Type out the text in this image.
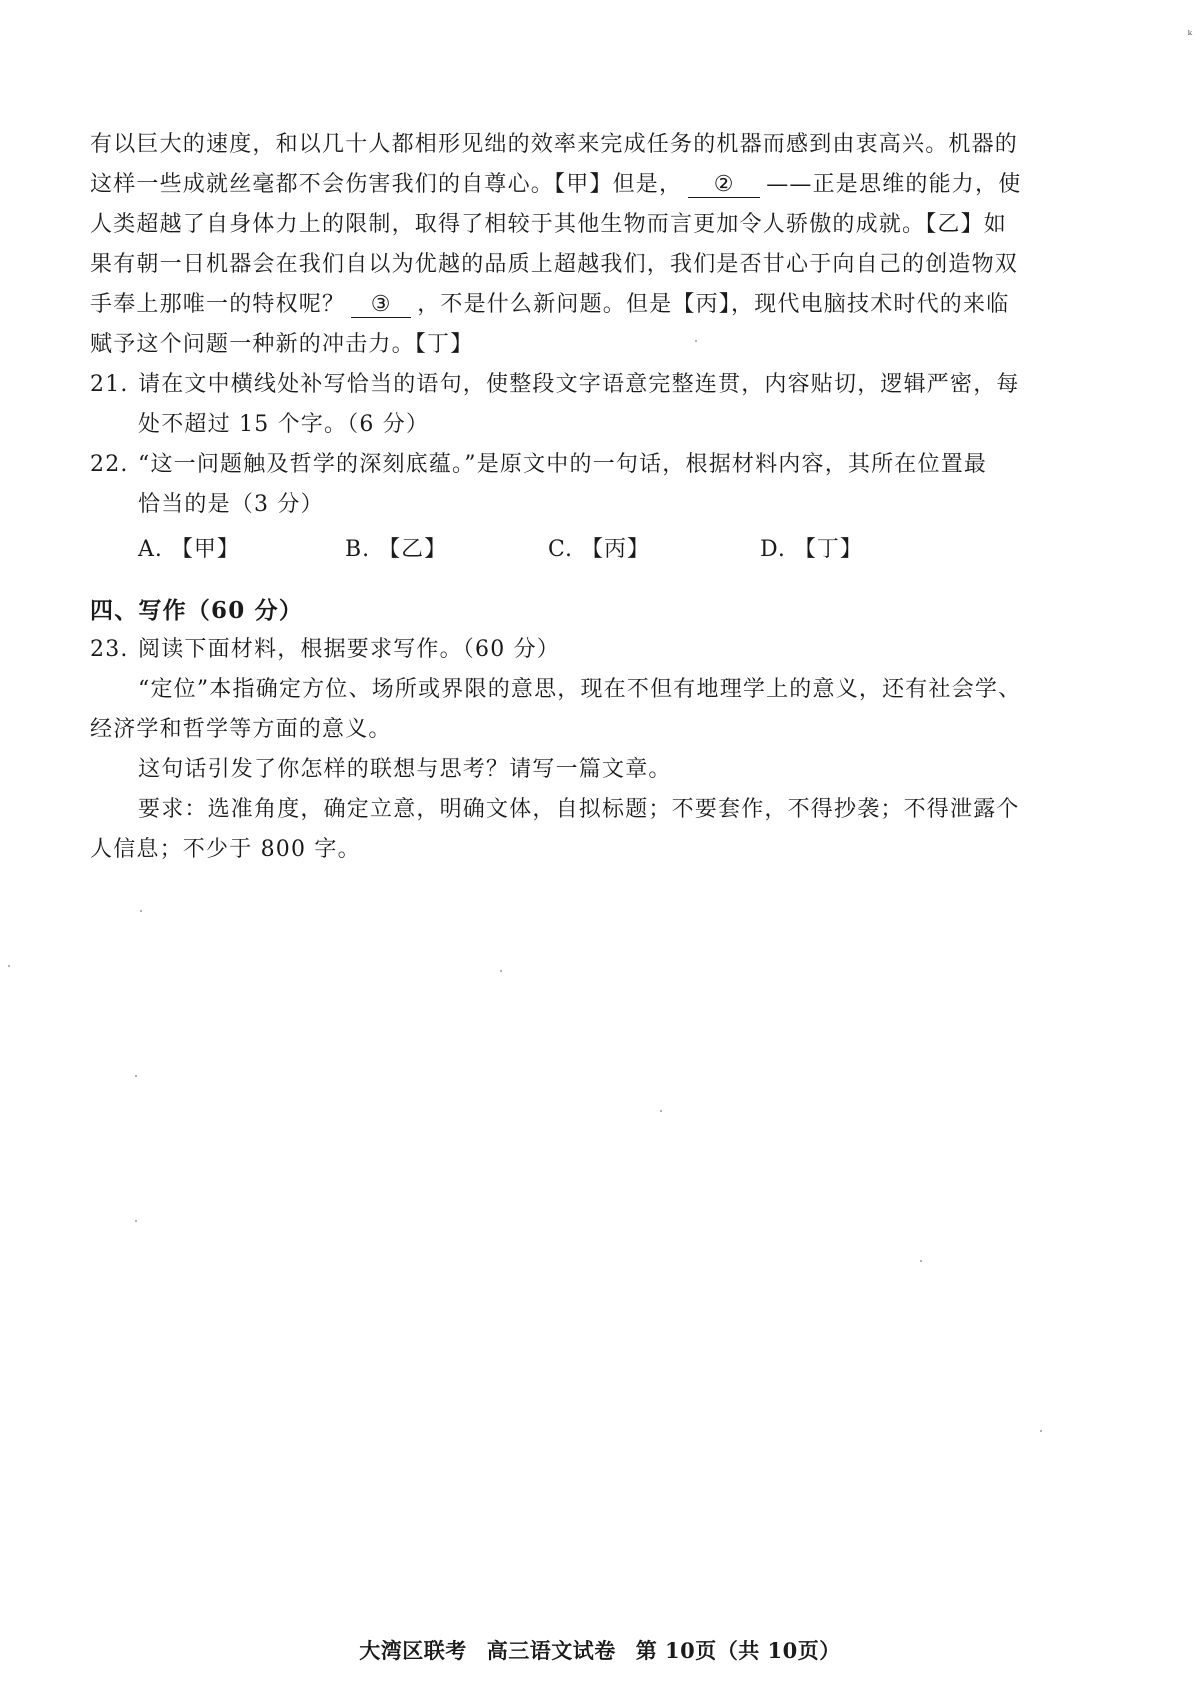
ᵏ
有以巨大的速度，和以几十人都相形见绌的效率来完成任务的机器而感到由衷高兴。机器的
这样一些成就丝毫都不会伤害我们的自尊心。【甲】但是， ② ——正是思维的能力，使
人类超越了自身体力上的限制，取得了相较于其他生物而言更加令人骄傲的成就。【乙】如
果有朝一日机器会在我们自以为优越的品质上超越我们，我们是否甘心于向自己的创造物双
手奉上那唯一的特权呢？ ③ ，不是什么新问题。但是【丙】，现代电脑技术时代的来临
赋予这个问题一种新的冲击力。【丁】
21. 请在文中横线处补写恰当的语句，使整段文字语意完整连贯，内容贴切，逻辑严密，每
处不超过 15 个字。（6 分）
22. “这一问题触及哲学的深刻底蕴。”是原文中的一句话，根据材料内容，其所在位置最
恰当的是（3 分）
A. 【甲】	B. 【乙】	C. 【丙】	D. 【丁】
四、写作（60 分）
23. 阅读下面材料，根据要求写作。（60 分）
“定位”本指确定方位、场所或界限的意思，现在不但有地理学上的意义，还有社会学、
经济学和哲学等方面的意义。
这句话引发了你怎样的联想与思考？请写一篇文章。
要求：选准角度，确定立意，明确文体，自拟标题；不要套作，不得抄袭；不得泄露个
人信息；不少于 800 字。
大湾区联考 高三语文试卷 第 10页（共 10页）
